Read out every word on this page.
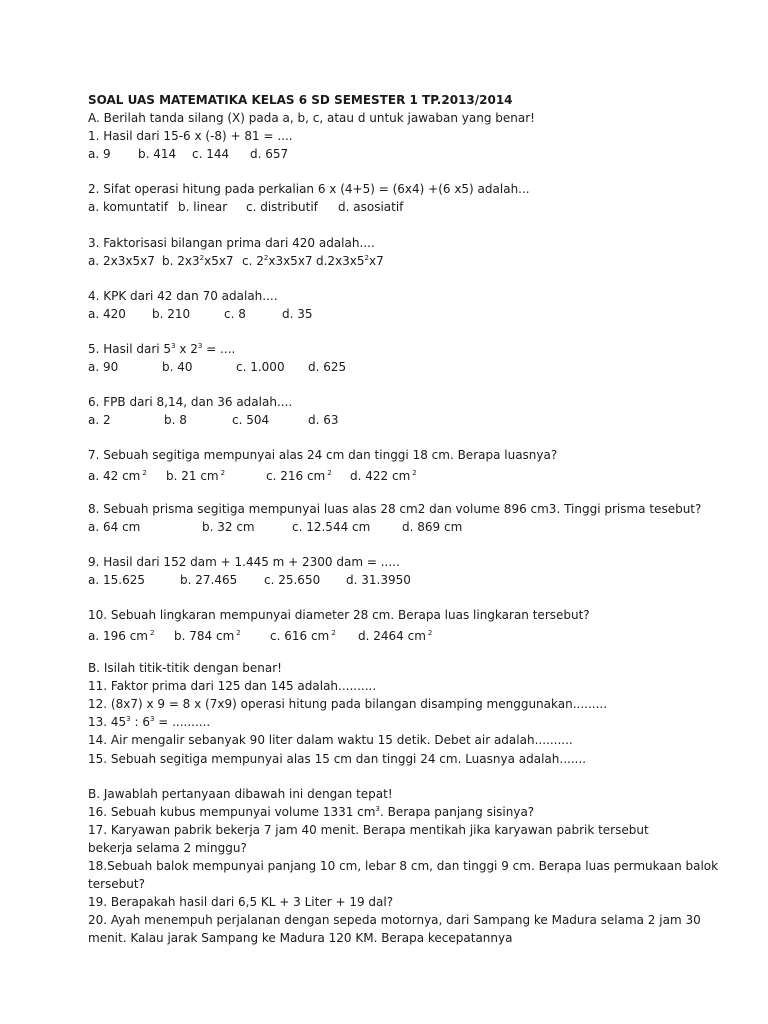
SOAL UAS MATEMATIKA KELAS 6 SD SEMESTER 1 TP.2013/2014
A. Berilah tanda silang (X) pada a, b, c, atau d untuk jawaban yang benar!
1. Hasil dari 15-6 x (-8) + 81 = ....
a. 9	b. 414	c. 144	d. 657
2. Sifat operasi hitung pada perkalian 6 x (4+5) = (6x4) +(6 x5) adalah...
a. komuntatif b. linear	c. distributif	d. asosiatif
3. Faktorisasi bilangan prima dari 420 adalah....
a. 2x3x5x7 b. $2x3^2x5x7$ c. $2^2x3x5x7$ $d.2x3x5^2x7$
4. KPK dari 42 dan 70 adalah....
a. 420	b. 210	c. 8	d. 35
5. Hasil dari $5^3$ x $2^3$ = ....
a. 90	b. 40	c. 1.000	d. 625
6. FPB dari 8,14, dan 36 adalah....
a. 2	b. 8	c. 504	d. 63
7. Sebuah segitiga mempunyai alas 24 cm dan tinggi 18 cm. Berapa luasnya?
a. 42 cm $^2$	b. 21 cm $^2$	c. 216 cm $^2$	d. 422 cm $^2$
8. Sebuah prisma segitiga mempunyai luas alas 28 cm2 dan volume 896 cm3. Tinggi prisma tesebut?
a. 64 cm	b. 32 cm	c. 12.544 cm	d. 869 cm
9. Hasil dari 152 dam + 1.445 m + 2300 dam = .....
a. 15.625	b. 27.465	c. 25.650	d. 31.3950
10. Sebuah lingkaran mempunyai diameter 28 cm. Berapa luas lingkaran tersebut?
a. 196 cm $^2$	b. 784 cm $^2$	c. 616 cm $^2$	d. 2464 cm $^2$
B. Isilah titik-titik dengan benar!
11. Faktor prima dari 125 dan 145 adalah..........
12. (8x7) x 9 = 8 x (7x9) operasi hitung pada bilangan disamping menggunakan.........
13. $45^3$ : $6^3$ = ..........
14. Air mengalir sebanyak 90 liter dalam waktu 15 detik. Debet air adalah..........
15. Sebuah segitiga mempunyai alas 15 cm dan tinggi 24 cm. Luasnya adalah.......
B. Jawablah pertanyaan dibawah ini dengan tepat!
16. Sebuah kubus mempunyai volume 1331 $cm^3$. Berapa panjang sisinya?
17. Karyawan pabrik bekerja 7 jam 40 menit. Berapa mentikah jika karyawan pabrik tersebut
bekerja selama 2 minggu?
18.Sebuah balok mempunyai panjang 10 cm, lebar 8 cm, dan tinggi 9 cm. Berapa luas permukaan balok
tersebut?
19. Berapakah hasil dari 6,5 KL + 3 Liter + 19 dal?
20. Ayah menempuh perjalanan dengan sepeda motornya, dari Sampang ke Madura selama 2 jam 30
menit. Kalau jarak Sampang ke Madura 120 KM. Berapa kecepatannya
